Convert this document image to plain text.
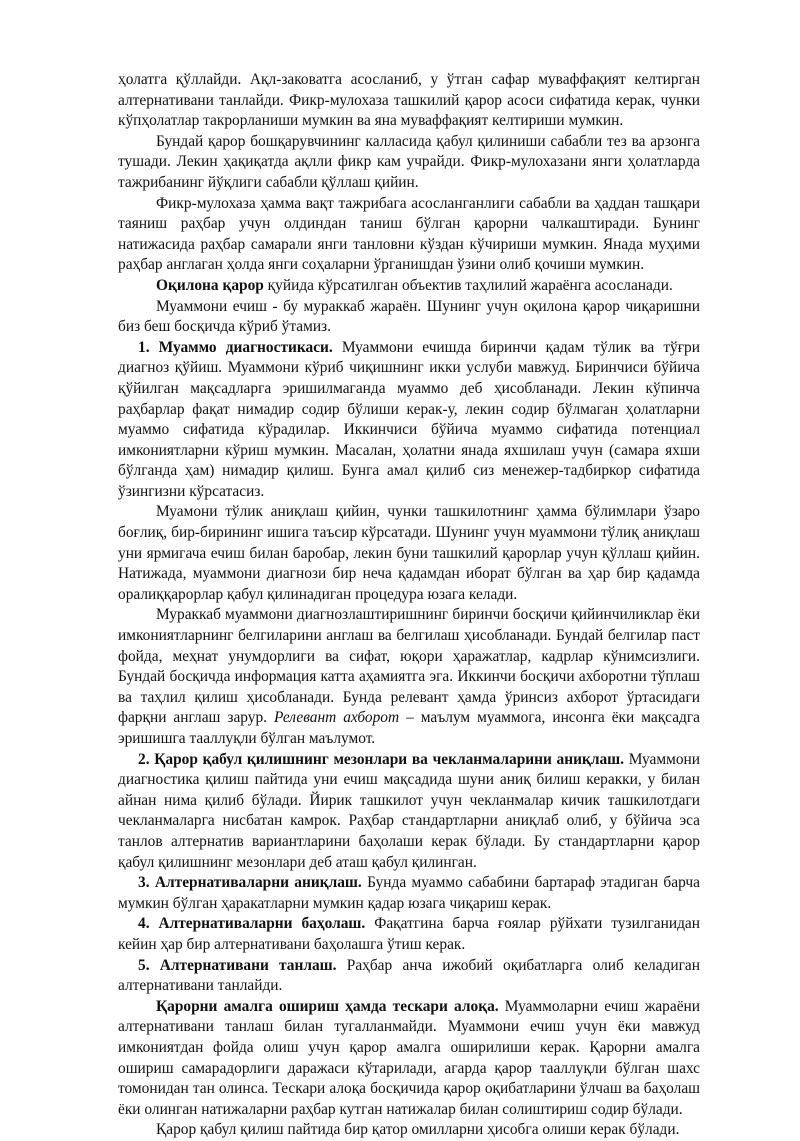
ҳолатга қўллайди. Ақл-заковатга асосланиб, у ўтган сафар муваффақият келтирган алтернативани танлайди. Фикр-мулохаза ташкилий қарор асоси сифатида керак, чунки кўпҳолатлар такрорланиши мумкин ва яна муваффақият келтириши мумкин.

Бундай қарор бошқарувчининг калласида қабул қилиниши сабабли тез ва арзонга тушади. Лекин ҳақиқатда ақлли фикр кам учрайди. Фикр-мулохазани янги ҳолатларда тажрибанинг йўқлиги сабабли қўллаш қийин.

Фикр-мулохаза ҳамма вақт тажрибага асосланганлиги сабабли ва ҳаддан ташқари таяниш раҳбар учун олдиндан таниш бўлган қарорни чалкаштиради. Бунинг натижасида раҳбар самарали янги танловни кўздан кўчириши мумкин. Янада муҳими раҳбар англаган ҳолда янги соҳаларни ўрганишдан ўзини олиб қочиши мумкин.

Оқилона қарор қуйида кўрсатилган объектив таҳлилий жараёнга асосланади.

Муаммони ечиш - бу мураккаб жараён. Шунинг учун оқилона қарор чиқаришни биз беш босқичда кўриб ўтамиз.

1. Муаммо диагностикаси. Муаммони ечишда биринчи қадам тўлик ва тўғри диагноз қўйиш. Муаммони кўриб чиқишнинг икки услуби мавжуд. Биринчиси бўйича қўйилган мақсадларга эришилмаганда муаммо деб ҳисобланади. Лекин кўпинча раҳбарлар фақат нимадир содир бўлиши керак-у, лекин содир бўлмаган ҳолатларни муаммо сифатида кўрадилар. Иккинчиси бўйича муаммо сифатида потенциал имкониятларни кўриш мумкин. Масалан, ҳолатни янада яхшилаш учун (самара яхши бўлганда ҳам) нимадир қилиш. Бунга амал қилиб сиз менежер-тадбиркор сифатида ўзингизни кўрсатасиз.

Муамони тўлик аниқлаш қийин, чунки ташкилотнинг ҳамма бўлимлари ўзаро боғлиқ, бир-бирининг ишига таъсир кўрсатади. Шунинг учун муаммони тўлиқ аниқлаш уни ярмигача ечиш билан баробар, лекин буни ташкилий қарорлар учун қўллаш қийин. Натижада, муаммони диагнози бир неча қадамдан иборат бўлган ва ҳар бир қадамда оралиққарорлар қабул қилинадиган процедура юзага келади.

Мураккаб муаммони диагнозлаштиришнинг биринчи босқичи қийинчиликлар ёки имкониятларнинг белгиларини англаш ва белгилаш ҳисобланади. Бундай белгилар паст фойда, меҳнат унумдорлиги ва сифат, юқори ҳаражатлар, кадрлар кўнимсизлиги. Бундай босқичда информация катта аҳамиятга эга. Иккинчи босқичи ахборотни тўплаш ва таҳлил қилиш ҳисобланади. Бунда релевант ҳамда ўринсиз ахборот ўртасидаги фарқни англаш зарур. Релевант ахборот – маълум муаммога, инсонга ёки мақсадга эришишга тааллуқли бўлган маълумот.

2. Қарор қабул қилишнинг мезонлари ва чекланмаларини аниқлаш. Муаммони диагностика қилиш пайтида уни ечиш мақсадида шуни аниқ билиш керакки, у билан айнан нима қилиб бўлади. Йирик ташкилот учун чекланмалар кичик ташкилотдаги чекланмаларга нисбатан камрок. Раҳбар стандартларни аниқлаб олиб, у бўйича эса танлов алтернатив вариантларини баҳолаши керак бўлади. Бу стандартларни қарор қабул қилишнинг мезонлари деб аташ қабул қилинган.

3. Алтернативаларни аниқлаш. Бунда муаммо сабабини бартараф этадиган барча мумкин бўлган ҳаракатларни мумкин қадар юзага чиқариш керак.

4. Алтернативаларни баҳолаш. Фақатгина барча ғоялар рўйхати тузилганидан кейин ҳар бир алтернативани баҳолашга ўтиш керак.

5. Алтернативани танлаш. Раҳбар анча ижобий оқибатларга олиб келадиган алтернативани танлайди.

Қарорни амалга ошириш ҳамда тескари алоқа. Муаммоларни ечиш жараёни алтернативани танлаш билан тугалланмайди. Муаммони ечиш учун ёки мавжуд имкониятдан фойда олиш учун қарор амалга оширилиши керак. Қарорни амалга ошириш самарадорлиги даражаси кўтарилади, агарда қарор тааллуқли бўлган шахс томонидан тан олинса. Тескари алоқа босқичида қарор оқибатларини ўлчаш ва баҳолаш ёки олинган натижаларни раҳбар кутган натижалар билан солиштириш содир бўлади.

Қарор қабул қилиш пайтида бир қатор омилларни ҳисобга олиши керак бўлади.
